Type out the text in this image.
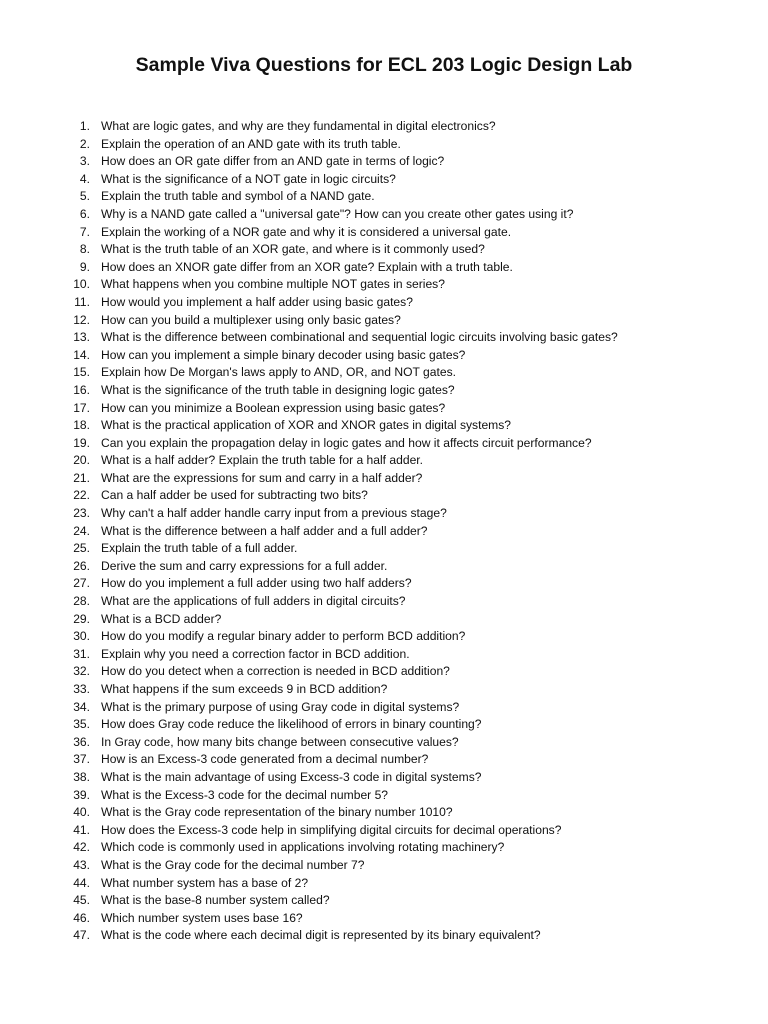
Sample Viva Questions for ECL 203 Logic Design Lab
1. What are logic gates, and why are they fundamental in digital electronics?
2. Explain the operation of an AND gate with its truth table.
3. How does an OR gate differ from an AND gate in terms of logic?
4. What is the significance of a NOT gate in logic circuits?
5. Explain the truth table and symbol of a NAND gate.
6. Why is a NAND gate called a "universal gate"? How can you create other gates using it?
7. Explain the working of a NOR gate and why it is considered a universal gate.
8. What is the truth table of an XOR gate, and where is it commonly used?
9. How does an XNOR gate differ from an XOR gate? Explain with a truth table.
10. What happens when you combine multiple NOT gates in series?
11. How would you implement a half adder using basic gates?
12. How can you build a multiplexer using only basic gates?
13. What is the difference between combinational and sequential logic circuits involving basic gates?
14. How can you implement a simple binary decoder using basic gates?
15. Explain how De Morgan's laws apply to AND, OR, and NOT gates.
16. What is the significance of the truth table in designing logic gates?
17. How can you minimize a Boolean expression using basic gates?
18. What is the practical application of XOR and XNOR gates in digital systems?
19. Can you explain the propagation delay in logic gates and how it affects circuit performance?
20. What is a half adder? Explain the truth table for a half adder.
21. What are the expressions for sum and carry in a half adder?
22. Can a half adder be used for subtracting two bits?
23. Why can't a half adder handle carry input from a previous stage?
24. What is the difference between a half adder and a full adder?
25. Explain the truth table of a full adder.
26. Derive the sum and carry expressions for a full adder.
27. How do you implement a full adder using two half adders?
28. What are the applications of full adders in digital circuits?
29. What is a BCD adder?
30. How do you modify a regular binary adder to perform BCD addition?
31. Explain why you need a correction factor in BCD addition.
32. How do you detect when a correction is needed in BCD addition?
33. What happens if the sum exceeds 9 in BCD addition?
34. What is the primary purpose of using Gray code in digital systems?
35. How does Gray code reduce the likelihood of errors in binary counting?
36. In Gray code, how many bits change between consecutive values?
37. How is an Excess-3 code generated from a decimal number?
38. What is the main advantage of using Excess-3 code in digital systems?
39. What is the Excess-3 code for the decimal number 5?
40. What is the Gray code representation of the binary number 1010?
41. How does the Excess-3 code help in simplifying digital circuits for decimal operations?
42. Which code is commonly used in applications involving rotating machinery?
43. What is the Gray code for the decimal number 7?
44. What number system has a base of 2?
45. What is the base-8 number system called?
46. Which number system uses base 16?
47. What is the code where each decimal digit is represented by its binary equivalent?
